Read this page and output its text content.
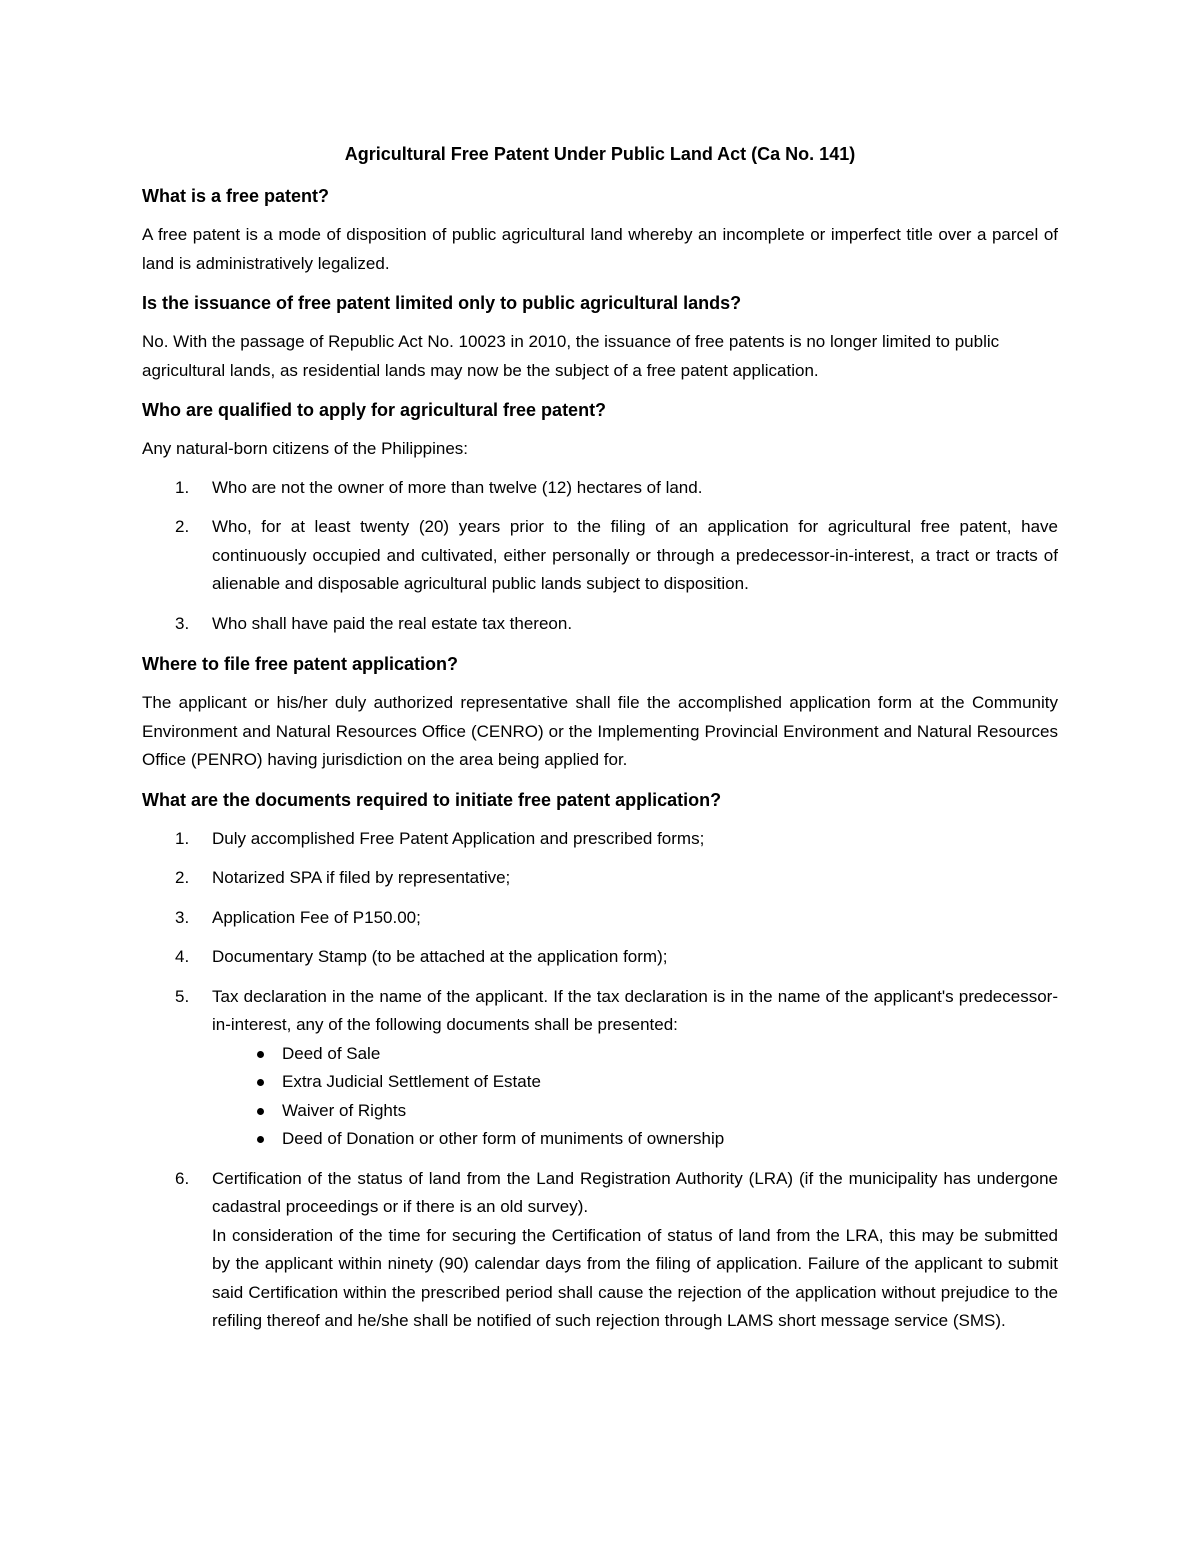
Agricultural Free Patent Under Public Land Act (Ca No. 141)
What is a free patent?
A free patent is a mode of disposition of public agricultural land whereby an incomplete or imperfect title over a parcel of land is administratively legalized.
Is the issuance of free patent limited only to public agricultural lands?
No. With the passage of Republic Act No. 10023 in 2010, the issuance of free patents is no longer limited to public agricultural lands, as residential lands may now be the subject of a free patent application.
Who are qualified to apply for agricultural free patent?
Any natural-born citizens of the Philippines:
1. Who are not the owner of more than twelve (12) hectares of land.
2. Who, for at least twenty (20) years prior to the filing of an application for agricultural free patent, have continuously occupied and cultivated, either personally or through a predecessor-in-interest, a tract or tracts of alienable and disposable agricultural public lands subject to disposition.
3. Who shall have paid the real estate tax thereon.
Where to file free patent application?
The applicant or his/her duly authorized representative shall file the accomplished application form at the Community Environment and Natural Resources Office (CENRO) or the Implementing Provincial Environment and Natural Resources Office (PENRO) having jurisdiction on the area being applied for.
What are the documents required to initiate free patent application?
1. Duly accomplished Free Patent Application and prescribed forms;
2. Notarized SPA if filed by representative;
3. Application Fee of P150.00;
4. Documentary Stamp (to be attached at the application form);
5. Tax declaration in the name of the applicant. If the tax declaration is in the name of the applicant's predecessor-in-interest, any of the following documents shall be presented:
Deed of Sale
Extra Judicial Settlement of Estate
Waiver of Rights
Deed of Donation or other form of muniments of ownership
6. Certification of the status of land from the Land Registration Authority (LRA) (if the municipality has undergone cadastral proceedings or if there is an old survey).
In consideration of the time for securing the Certification of status of land from the LRA, this may be submitted by the applicant within ninety (90) calendar days from the filing of application. Failure of the applicant to submit said Certification within the prescribed period shall cause the rejection of the application without prejudice to the refiling thereof and he/she shall be notified of such rejection through LAMS short message service (SMS).
